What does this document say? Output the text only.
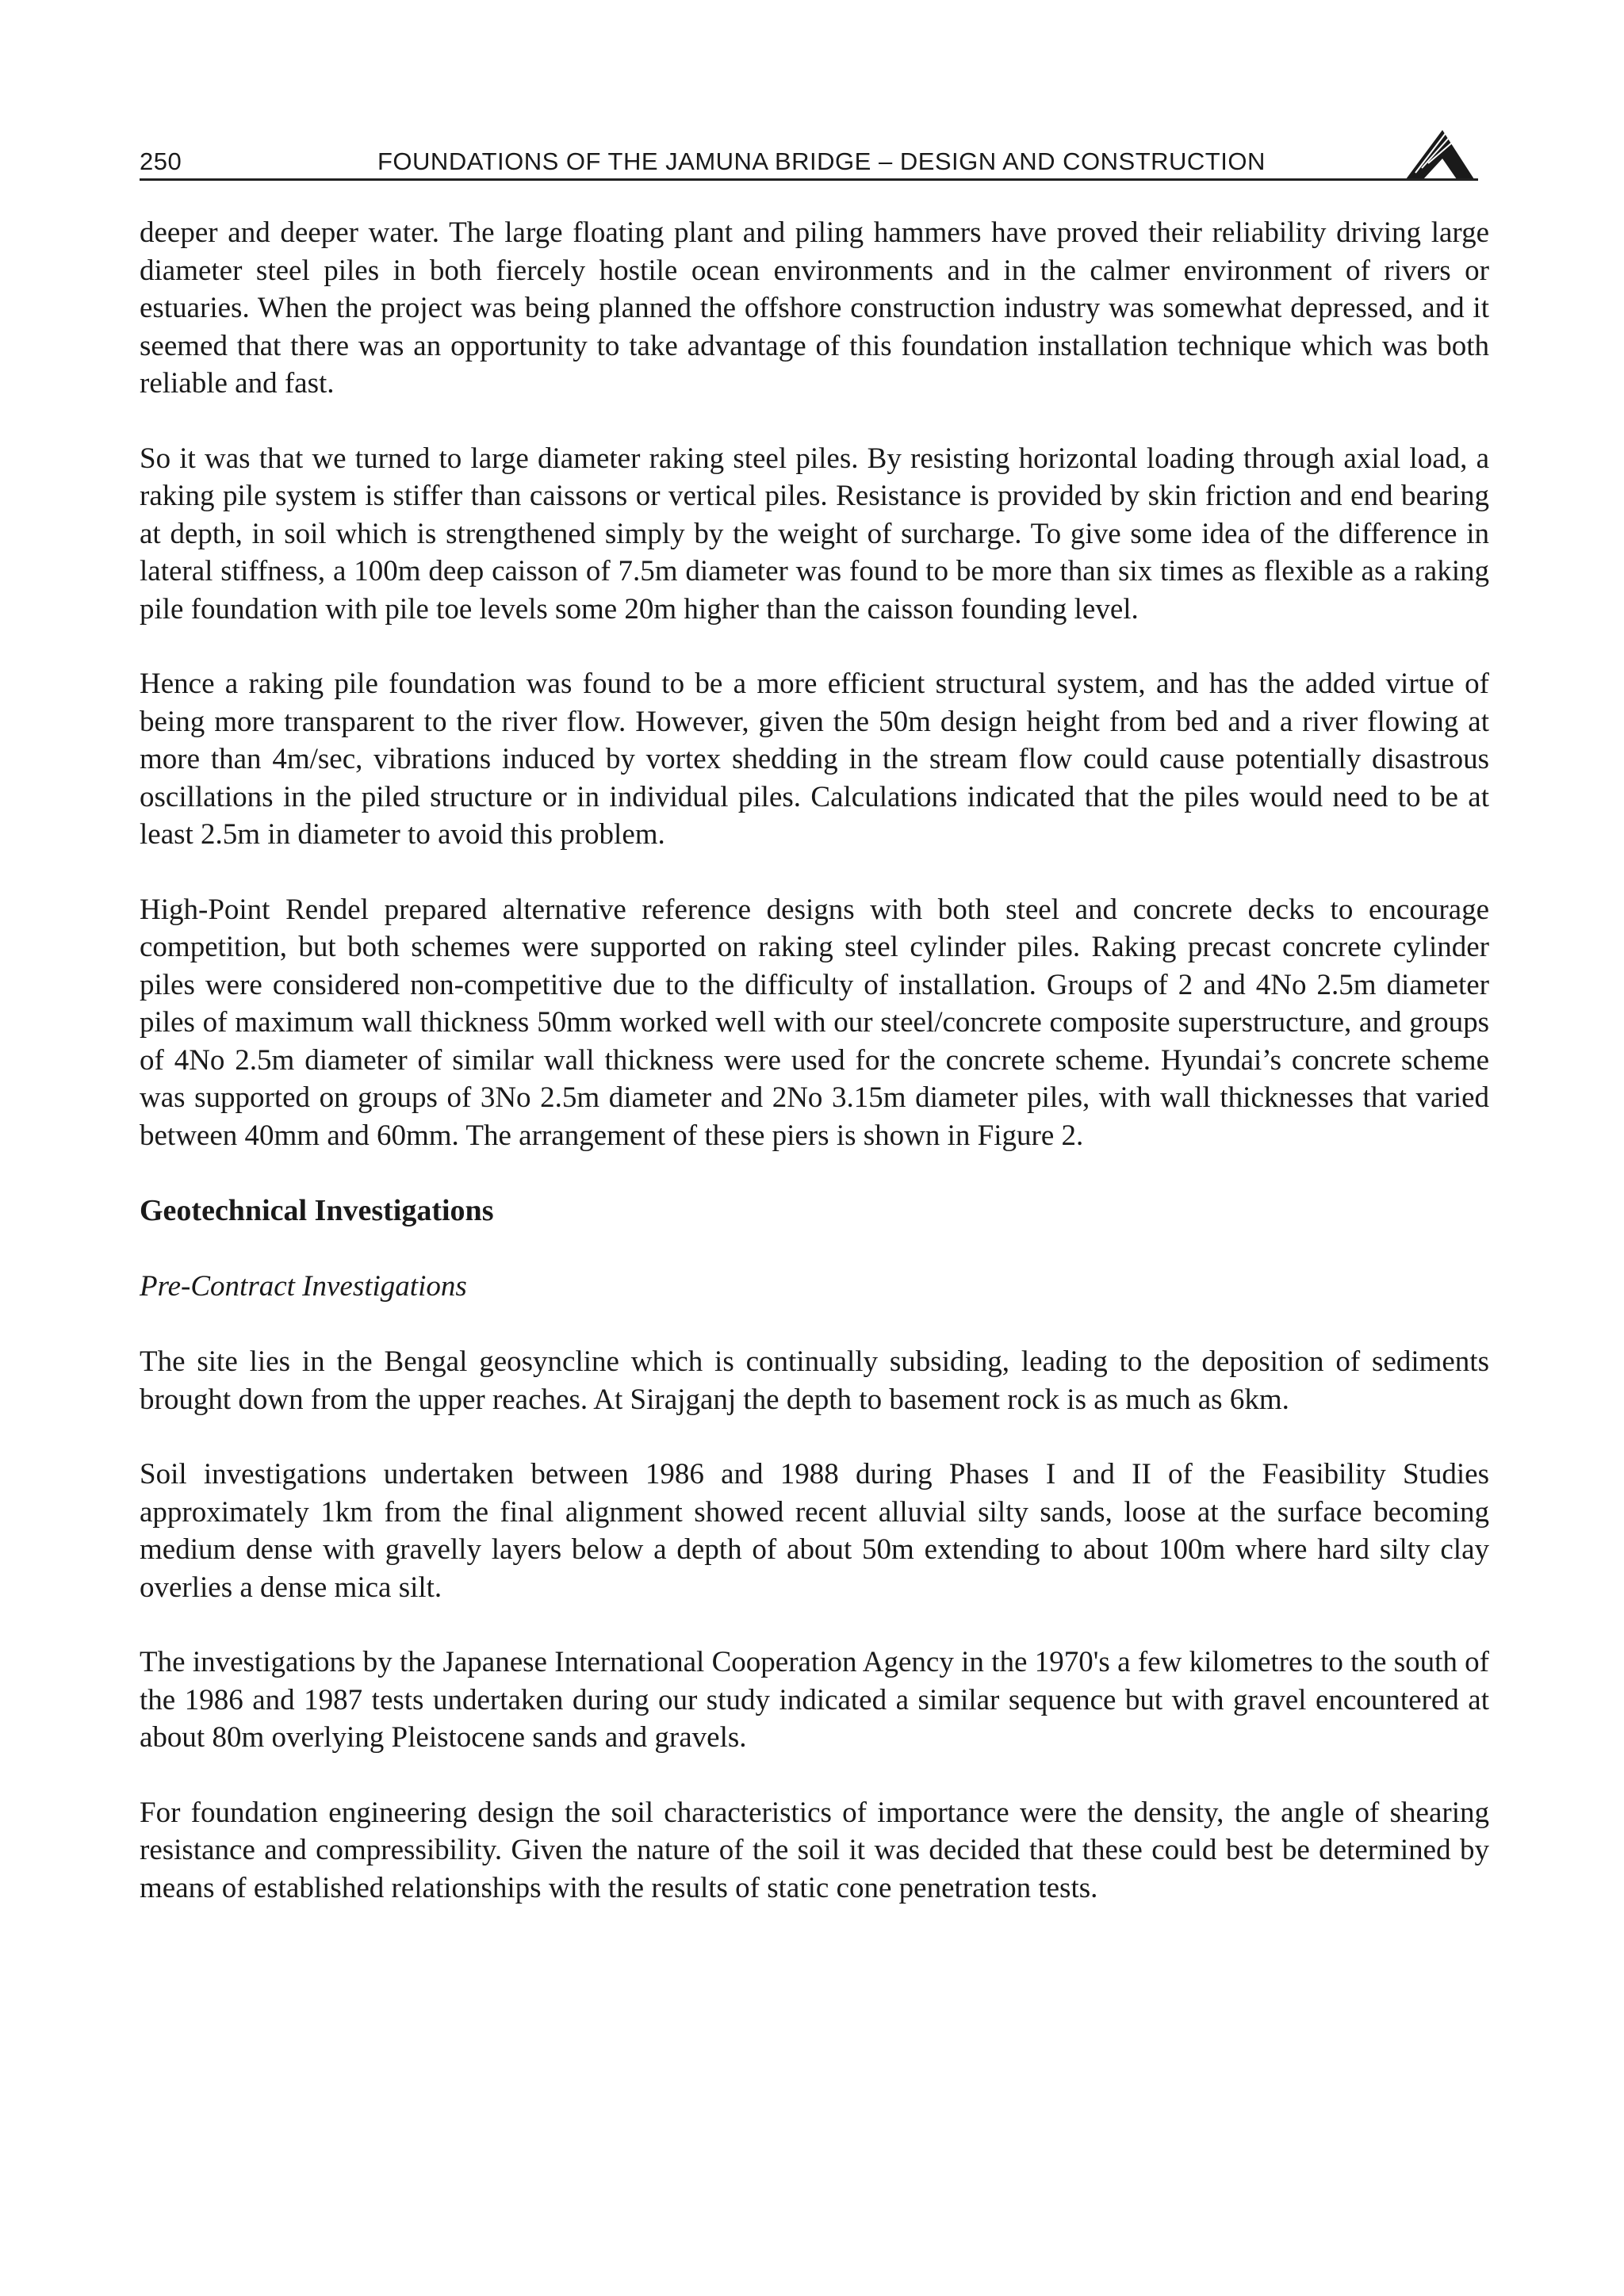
250	FOUNDATIONS OF THE JAMUNA BRIDGE – DESIGN AND CONSTRUCTION

deeper and deeper water. The large floating plant and piling hammers have proved their reliability driving large diameter steel piles in both fiercely hostile ocean environments and in the calmer environment of rivers or estuaries. When the project was being planned the offshore construction industry was somewhat depressed, and it seemed that there was an opportunity to take advantage of this foundation installation technique which was both reliable and fast.

So it was that we turned to large diameter raking steel piles. By resisting horizontal loading through axial load, a raking pile system is stiffer than caissons or vertical piles. Resistance is provided by skin friction and end bearing at depth, in soil which is strengthened simply by the weight of surcharge. To give some idea of the difference in lateral stiffness, a 100m deep caisson of 7.5m diameter was found to be more than six times as flexible as a raking pile foundation with pile toe levels some 20m higher than the caisson founding level.

Hence a raking pile foundation was found to be a more efficient structural system, and has the added virtue of being more transparent to the river flow. However, given the 50m design height from bed and a river flowing at more than 4m/sec, vibrations induced by vortex shedding in the stream flow could cause potentially disastrous oscillations in the piled structure or in individual piles. Calculations indicated that the piles would need to be at least 2.5m in diameter to avoid this problem.

High-Point Rendel prepared alternative reference designs with both steel and concrete decks to encourage competition, but both schemes were supported on raking steel cylinder piles. Raking precast concrete cylinder piles were considered non-competitive due to the difficulty of installation. Groups of 2 and 4No 2.5m diameter piles of maximum wall thickness 50mm worked well with our steel/concrete composite superstructure, and groups of 4No 2.5m diameter of similar wall thickness were used for the concrete scheme. Hyundai’s concrete scheme was supported on groups of 3No 2.5m diameter and 2No 3.15m diameter piles, with wall thicknesses that varied between 40mm and 60mm. The arrangement of these piers is shown in Figure 2.

Geotechnical Investigations
Pre-Contract Investigations

The site lies in the Bengal geosyncline which is continually subsiding, leading to the deposition of sediments brought down from the upper reaches. At Sirajganj the depth to basement rock is as much as 6km.

Soil investigations undertaken between 1986 and 1988 during Phases I and II of the Feasibility Studies approximately 1km from the final alignment showed recent alluvial silty sands, loose at the surface becoming medium dense with gravelly layers below a depth of about 50m extending to about 100m where hard silty clay overlies a dense mica silt.

The investigations by the Japanese International Cooperation Agency in the 1970's a few kilometres to the south of the 1986 and 1987 tests undertaken during our study indicated a similar sequence but with gravel encountered at about 80m overlying Pleistocene sands and gravels.

For foundation engineering design the soil characteristics of importance were the density, the angle of shearing resistance and compressibility. Given the nature of the soil it was decided that these could best be determined by means of established relationships with the results of static cone penetration tests.
